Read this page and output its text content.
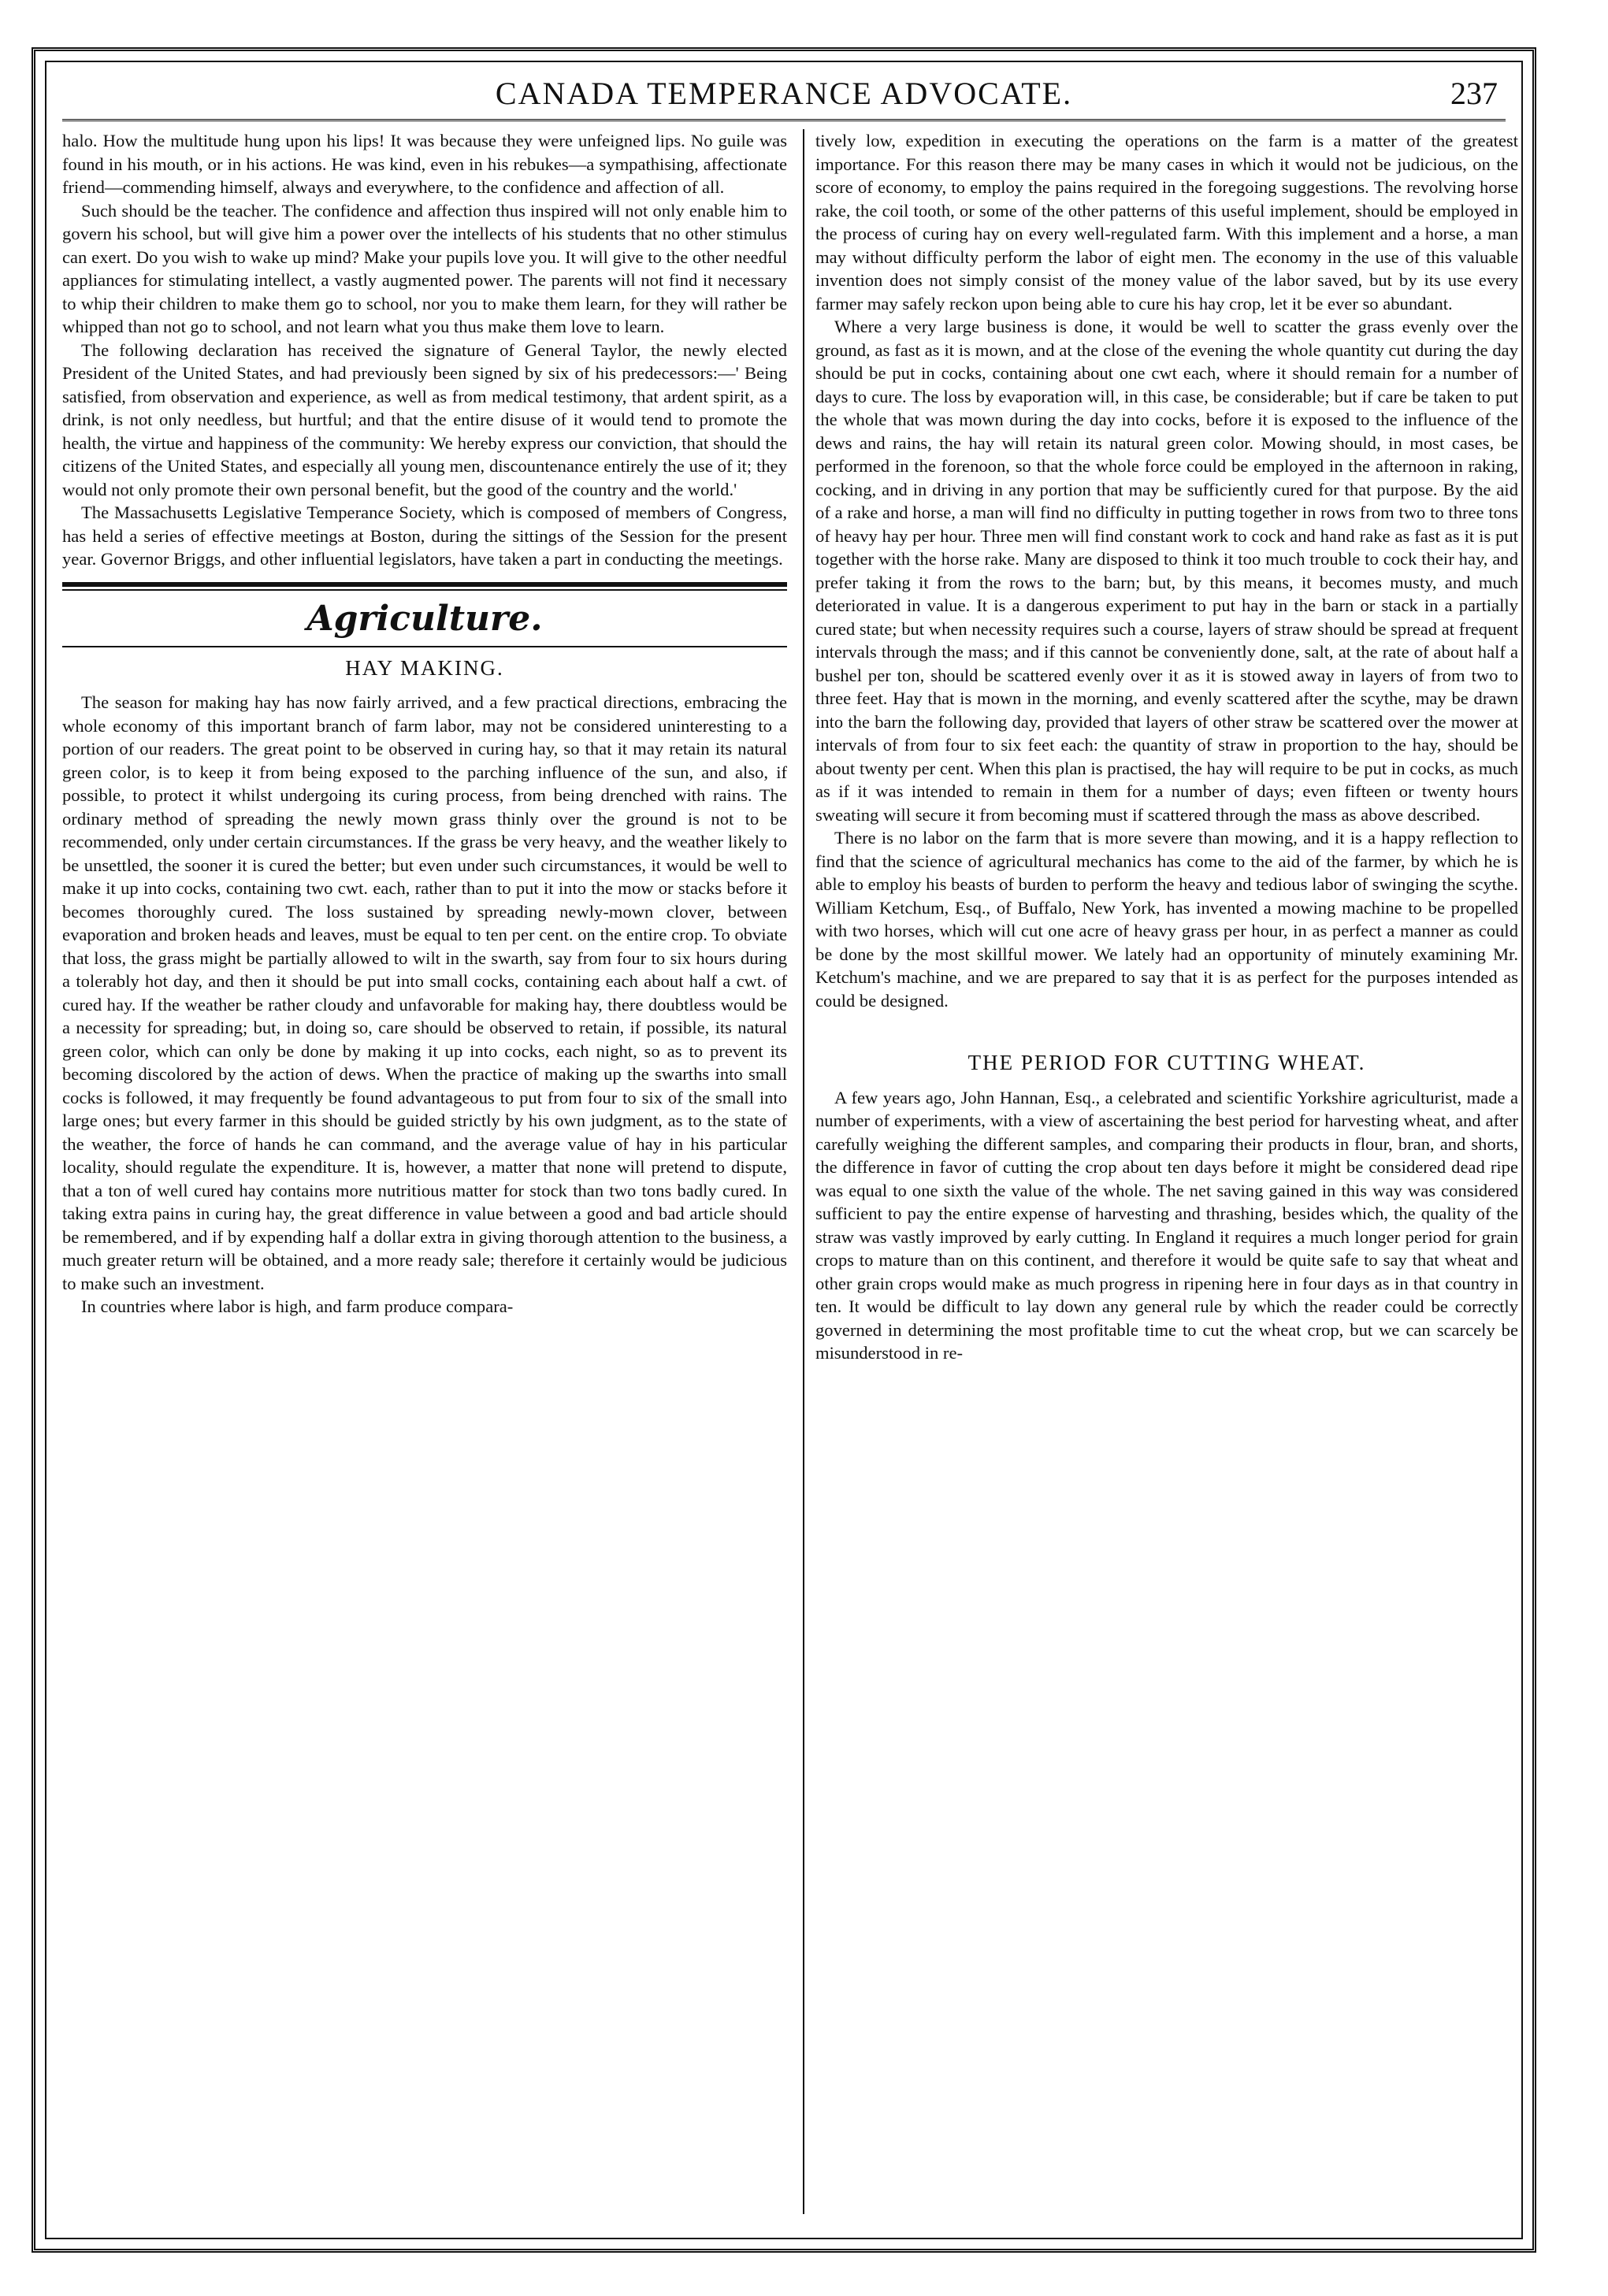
CANADA TEMPERANCE ADVOCATE.	237

halo. How the multitude hung upon his lips! It was because they were unfeigned lips. No guile was found in his mouth, or in his actions. He was kind, even in his rebukes—a sympathising, affectionate friend—commending himself, always and everywhere, to the confidence and affection of all.

Such should be the teacher. The confidence and affection thus inspired will not only enable him to govern his school, but will give him a power over the intellects of his students that no other stimulus can exert. Do you wish to wake up mind? Make your pupils love you. It will give to the other needful appliances for stimulating intellect, a vastly augmented power. The parents will not find it necessary to whip their children to make them go to school, nor you to make them learn, for they will rather be whipped than not go to school, and not learn what you thus make them love to learn.

The following declaration has received the signature of General Taylor, the newly elected President of the United States, and had previously been signed by six of his predecessors:—' Being satisfied, from observation and experience, as well as from medical testimony, that ardent spirit, as a drink, is not only needless, but hurtful; and that the entire disuse of it would tend to promote the health, the virtue and happiness of the community: We hereby express our conviction, that should the citizens of the United States, and especially all young men, discountenance entirely the use of it; they would not only promote their own personal benefit, but the good of the country and the world.'

The Massachusetts Legislative Temperance Society, which is composed of members of Congress, has held a series of effective meetings at Boston, during the sittings of the Session for the present year. Governor Briggs, and other influential legislators, have taken a part in conducting the meetings.

Agriculture.
HAY MAKING.

The season for making hay has now fairly arrived, and a few practical directions, embracing the whole economy of this important branch of farm labor, may not be considered uninteresting to a portion of our readers. The great point to be observed in curing hay, so that it may retain its natural green color, is to keep it from being exposed to the parching influence of the sun, and also, if possible, to protect it whilst undergoing its curing process, from being drenched with rains. The ordinary method of spreading the newly mown grass thinly over the ground is not to be recommended, only under certain circumstances. If the grass be very heavy, and the weather likely to be unsettled, the sooner it is cured the better; but even under such circumstances, it would be well to make it up into cocks, containing two cwt. each, rather than to put it into the mow or stacks before it becomes thoroughly cured. The loss sustained by spreading newly-mown clover, between evaporation and broken heads and leaves, must be equal to ten per cent. on the entire crop. To obviate that loss, the grass might be partially allowed to wilt in the swarth, say from four to six hours during a tolerably hot day, and then it should be put into small cocks, containing each about half a cwt. of cured hay. If the weather be rather cloudy and unfavorable for making hay, there doubtless would be a necessity for spreading; but, in doing so, care should be observed to retain, if possible, its natural green color, which can only be done by making it up into cocks, each night, so as to prevent its becoming discolored by the action of dews. When the practice of making up the swarths into small cocks is followed, it may frequently be found advantageous to put from four to six of the small into large ones; but every farmer in this should be guided strictly by his own judgment, as to the state of the weather, the force of hands he can command, and the average value of hay in his particular locality, should regulate the expenditure. It is, however, a matter that none will pretend to dispute, that a ton of well cured hay contains more nutritious matter for stock than two tons badly cured. In taking extra pains in curing hay, the great difference in value between a good and bad article should be remembered, and if by expending half a dollar extra in giving thorough attention to the business, a much greater return will be obtained, and a more ready sale; therefore it certainly would be judicious to make such an investment.

In countries where labor is high, and farm produce compara-

tively low, expedition in executing the operations on the farm is a matter of the greatest importance. For this reason there may be many cases in which it would not be judicious, on the score of economy, to employ the pains required in the foregoing suggestions. The revolving horse rake, the coil tooth, or some of the other patterns of this useful implement, should be employed in the process of curing hay on every well-regulated farm. With this implement and a horse, a man may without difficulty perform the labor of eight men. The economy in the use of this valuable invention does not simply consist of the money value of the labor saved, but by its use every farmer may safely reckon upon being able to cure his hay crop, let it be ever so abundant.

Where a very large business is done, it would be well to scatter the grass evenly over the ground, as fast as it is mown, and at the close of the evening the whole quantity cut during the day should be put in cocks, containing about one cwt each, where it should remain for a number of days to cure. The loss by evaporation will, in this case, be considerable; but if care be taken to put the whole that was mown during the day into cocks, before it is exposed to the influence of the dews and rains, the hay will retain its natural green color. Mowing should, in most cases, be performed in the forenoon, so that the whole force could be employed in the afternoon in raking, cocking, and in driving in any portion that may be sufficiently cured for that purpose. By the aid of a rake and horse, a man will find no difficulty in putting together in rows from two to three tons of heavy hay per hour. Three men will find constant work to cock and hand rake as fast as it is put together with the horse rake. Many are disposed to think it too much trouble to cock their hay, and prefer taking it from the rows to the barn; but, by this means, it becomes musty, and much deteriorated in value. It is a dangerous experiment to put hay in the barn or stack in a partially cured state; but when necessity requires such a course, layers of straw should be spread at frequent intervals through the mass; and if this cannot be conveniently done, salt, at the rate of about half a bushel per ton, should be scattered evenly over it as it is stowed away in layers of from two to three feet. Hay that is mown in the morning, and evenly scattered after the scythe, may be drawn into the barn the following day, provided that layers of other straw be scattered over the mower at intervals of from four to six feet each: the quantity of straw in proportion to the hay, should be about twenty per cent. When this plan is practised, the hay will require to be put in cocks, as much as if it was intended to remain in them for a number of days; even fifteen or twenty hours sweating will secure it from becoming must if scattered through the mass as above described.

There is no labor on the farm that is more severe than mowing, and it is a happy reflection to find that the science of agricultural mechanics has come to the aid of the farmer, by which he is able to employ his beasts of burden to perform the heavy and tedious labor of swinging the scythe. William Ketchum, Esq., of Buffalo, New York, has invented a mowing machine to be propelled with two horses, which will cut one acre of heavy grass per hour, in as perfect a manner as could be done by the most skillful mower. We lately had an opportunity of minutely examining Mr. Ketchum's machine, and we are prepared to say that it is as perfect for the purposes intended as could be designed.

THE PERIOD FOR CUTTING WHEAT.

A few years ago, John Hannan, Esq., a celebrated and scientific Yorkshire agriculturist, made a number of experiments, with a view of ascertaining the best period for harvesting wheat, and after carefully weighing the different samples, and comparing their products in flour, bran, and shorts, the difference in favor of cutting the crop about ten days before it might be considered dead ripe was equal to one sixth the value of the whole. The net saving gained in this way was considered sufficient to pay the entire expense of harvesting and thrashing, besides which, the quality of the straw was vastly improved by early cutting. In England it requires a much longer period for grain crops to mature than on this continent, and therefore it would be quite safe to say that wheat and other grain crops would make as much progress in ripening here in four days as in that country in ten. It would be difficult to lay down any general rule by which the reader could be correctly governed in determining the most profitable time to cut the wheat crop, but we can scarcely be misunderstood in re-
